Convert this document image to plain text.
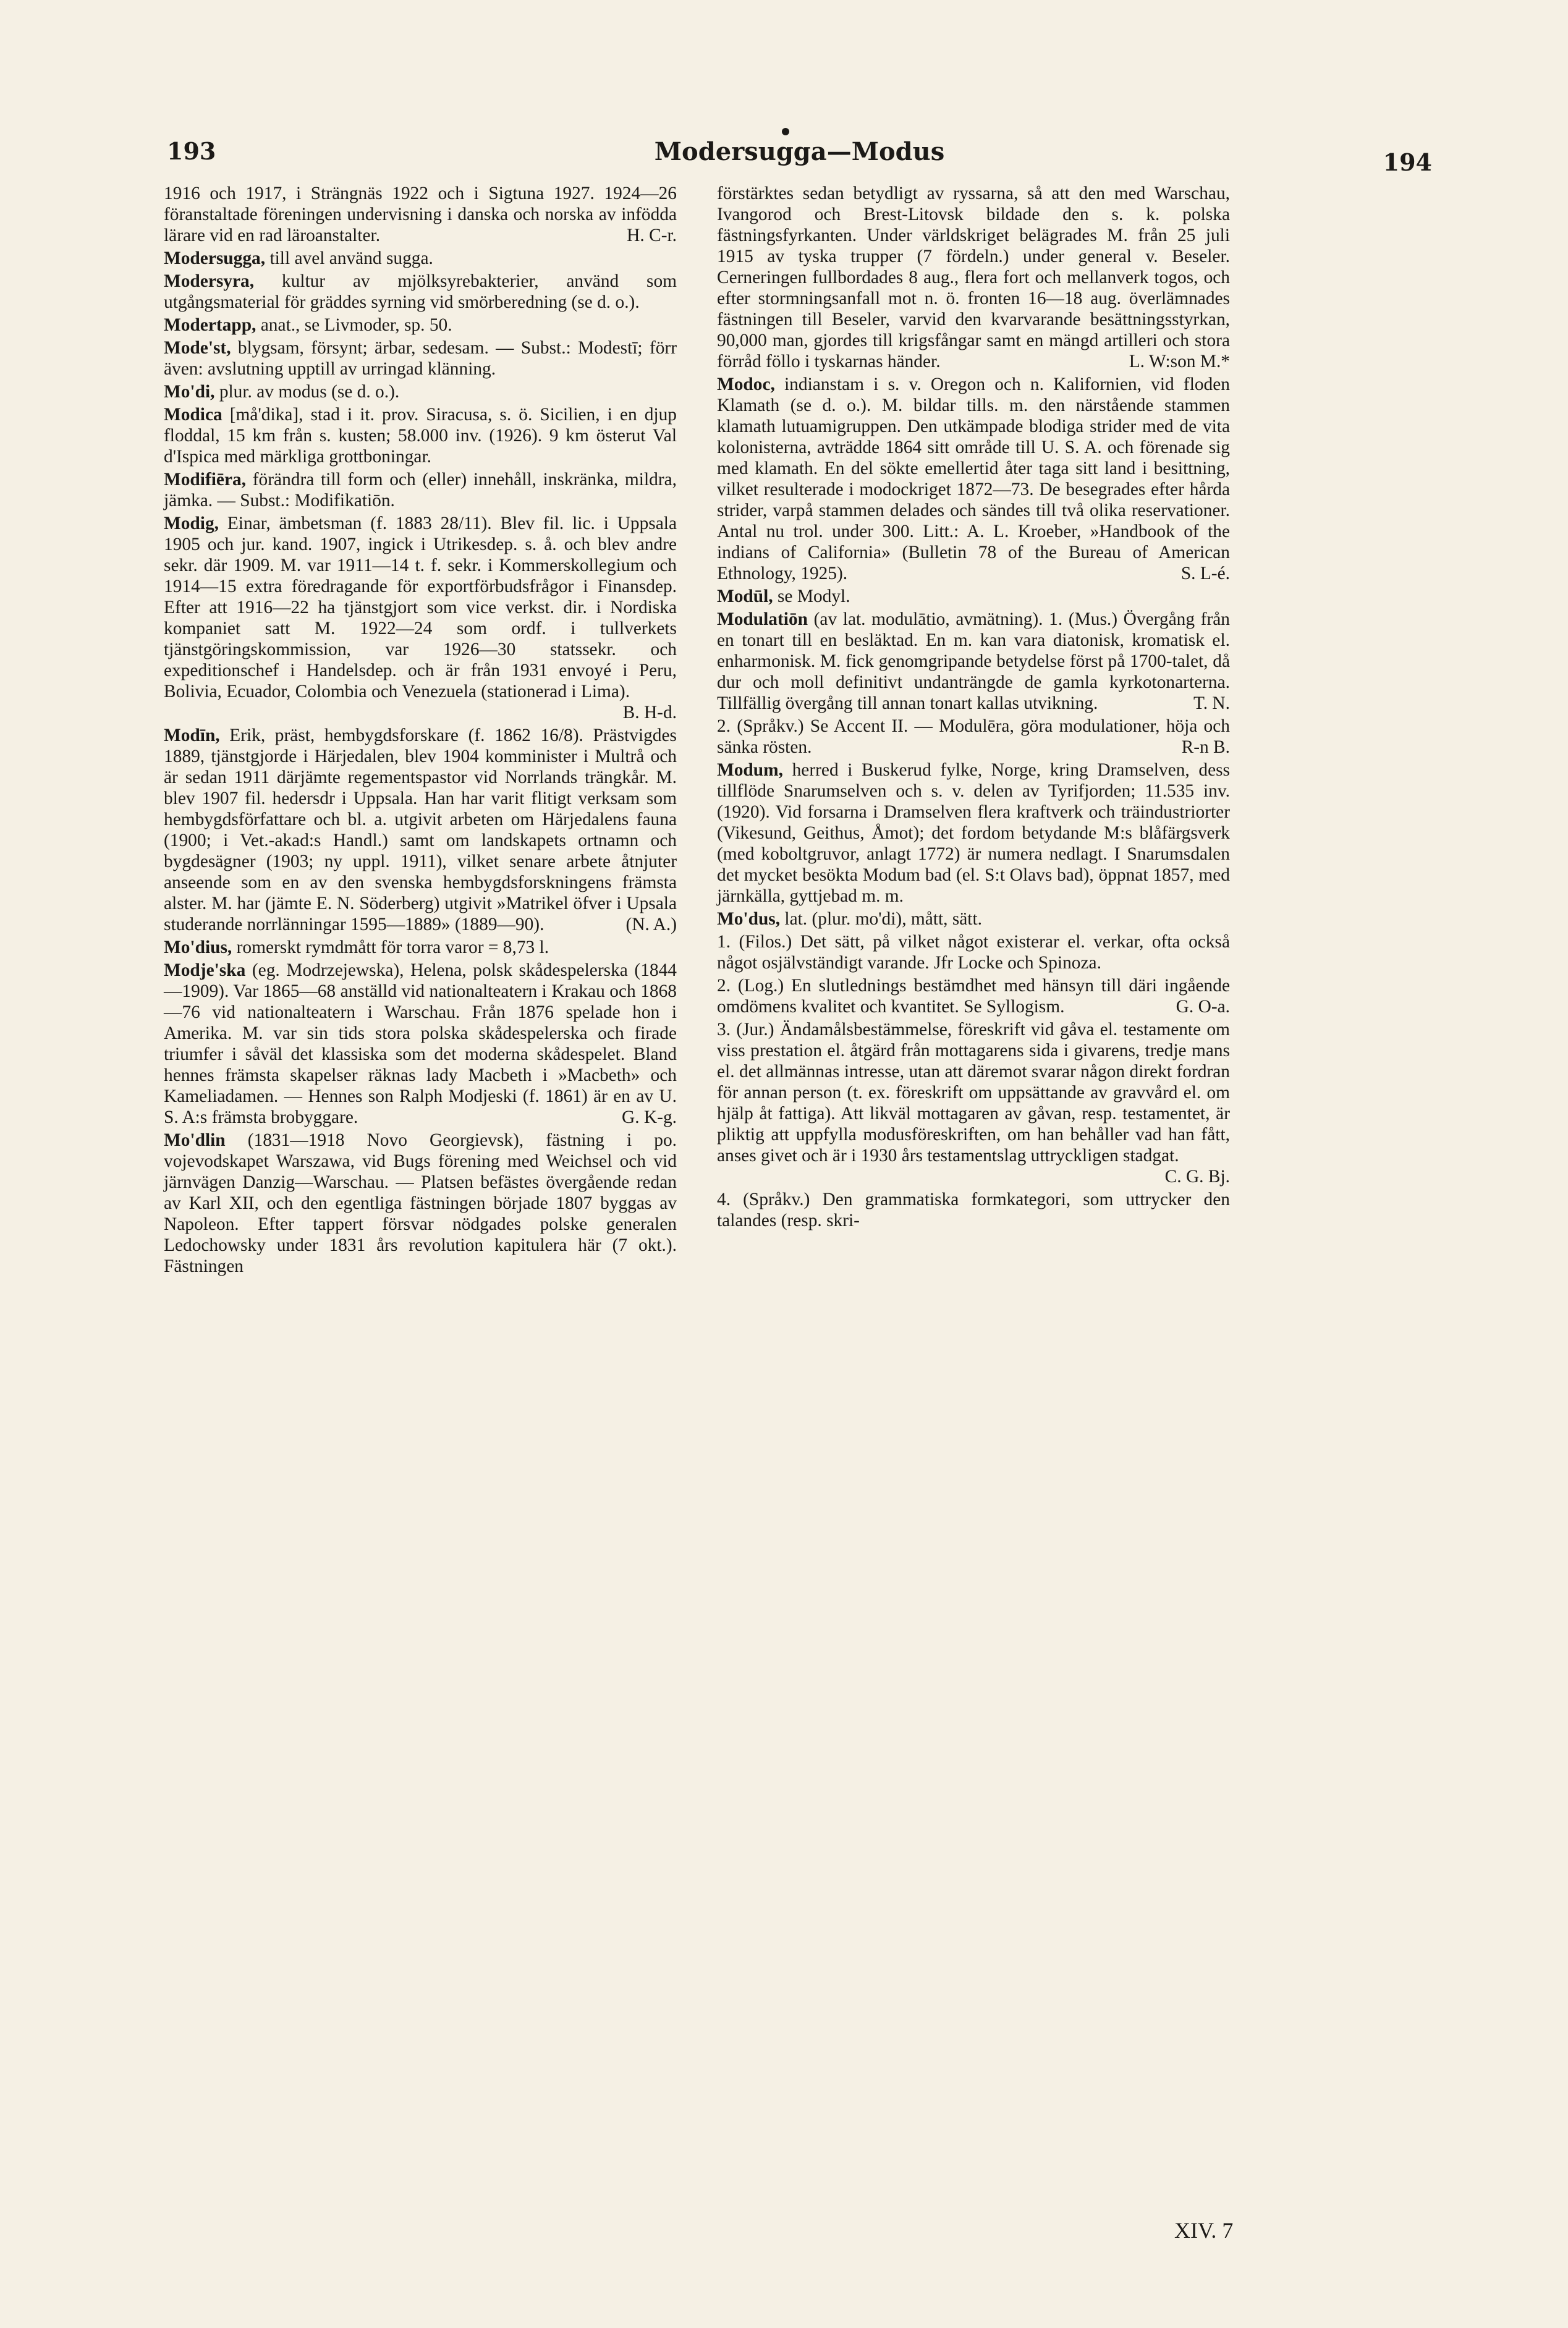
193	Modersugga—Modus	194

1916 och 1917, i Strängnäs 1922 och i Sigtuna 1927. 1924—26 föranstaltade föreningen undervisning i danska och norska av infödda lärare vid en rad läroanstalter.	H. C-r.

Modersugga, till avel använd sugga.

Modersyra, kultur av mjölksyrebakterier, använd som utgångsmaterial för gräddes syrning vid smörberedning (se d. o.).

Modertapp, anat., se Livmoder, sp. 50.

Mode'st, blygsam, försynt; ärbar, sedesam. — Subst.: Modestī; förr även: avslutning upptill av urringad klänning.

Mo'di, plur. av modus (se d. o.).

Modica [må'dika], stad i it. prov. Siracusa, s. ö. Sicilien, i en djup floddal, 15 km från s. kusten; 58.000 inv. (1926). 9 km österut Val d'Ispica med märkliga grottboningar.

Modifiēra, förändra till form och (eller) innehåll, inskränka, mildra, jämka. — Subst.: Modifikatiōn.

Modig, Einar, ämbetsman (f. 1883 28/11). Blev fil. lic. i Uppsala 1905 och jur. kand. 1907, ingick i Utrikesdep. s. å. och blev andre sekr. där 1909. M. var 1911—14 t. f. sekr. i Kommerskollegium och 1914—15 extra föredragande för exportförbudsfrågor i Finansdep. Efter att 1916—22 ha tjänstgjort som vice verkst. dir. i Nordiska kompaniet satt M. 1922—24 som ordf. i tullverkets tjänstgöringskommission, var 1926—30 statssekr. och expeditionschef i Handelsdep. och är från 1931 envoyé i Peru, Bolivia, Ecuador, Colombia och Venezuela (stationerad i Lima).
B. H-d.

Modīn, Erik, präst, hembygdsforskare (f. 1862 16/8). Prästvigdes 1889, tjänstgjorde i Härjedalen, blev 1904 komminister i Multrå och är sedan 1911 därjämte regementspastor vid Norrlands trängkår. M. blev 1907 fil. hedersdr i Uppsala. Han har varit flitigt verksam som hembygdsförfattare och bl. a. utgivit arbeten om Härjedalens fauna (1900; i Vet.-akad:s Handl.) samt om landskapets ortnamn och bygdesägner (1903; ny uppl. 1911), vilket senare arbete åtnjuter anseende som en av den svenska hembygdsforskningens främsta alster. M. har (jämte E. N. Söderberg) utgivit »Matrikel öfver i Upsala studerande norrlänningar 1595—1889» (1889—90).	(N. A.)

Mo'dius, romerskt rymdmått för torra varor = 8,73 l.

Modje'ska (eg. Modrzejewska), Helena, polsk skådespelerska (1844—1909). Var 1865—68 anställd vid nationalteatern i Krakau och 1868—76 vid nationalteatern i Warschau. Från 1876 spelade hon i Amerika. M. var sin tids stora polska skådespelerska och firade triumfer i såväl det klassiska som det moderna skådespelet. Bland hennes främsta skapelser räknas lady Macbeth i »Macbeth» och Kameliadamen. — Hennes son Ralph Modjeski (f. 1861) är en av U. S. A:s främsta brobyggare.	G. K-g.

Mo'dlin (1831—1918 Novo Georgievsk), fästning i po. vojevodskapet Warszawa, vid Bugs förening med Weichsel och vid järnvägen Danzig—Warschau. — Platsen befästes övergående redan av Karl XII, och den egentliga fästningen började 1807 byggas av Napoleon. Efter tappert försvar nödgades polske generalen Ledochowsky under 1831 års revolution kapitulera här (7 okt.). Fästningen

förstärktes sedan betydligt av ryssarna, så att den med Warschau, Ivangorod och Brest-Litovsk bildade den s. k. polska fästningsfyrkanten. Under världskriget belägrades M. från 25 juli 1915 av tyska trupper (7 fördeln.) under general v. Beseler. Cerneringen fullbordades 8 aug., flera fort och mellanverk togos, och efter stormningsanfall mot n. ö. fronten 16—18 aug. överlämnades fästningen till Beseler, varvid den kvarvarande besättningsstyrkan, 90,000 man, gjordes till krigsfångar samt en mängd artilleri och stora förråd föllo i tyskarnas händer.	L. W:son M.*

Modoc, indianstam i s. v. Oregon och n. Kalifornien, vid floden Klamath (se d. o.). M. bildar tills. m. den närstående stammen klamath lutuamigruppen. Den utkämpade blodiga strider med de vita kolonisterna, avträdde 1864 sitt område till U. S. A. och förenade sig med klamath. En del sökte emellertid åter taga sitt land i besittning, vilket resulterade i modockriget 1872—73. De besegrades efter hårda strider, varpå stammen delades och sändes till två olika reservationer. Antal nu trol. under 300. Litt.: A. L. Kroeber, »Handbook of the indians of California» (Bulletin 78 of the Bureau of American Ethnology, 1925).	S. L-é.

Modūl, se Modyl.

Modulatiōn (av lat. modulātio, avmätning). 1. (Mus.) Övergång från en tonart till en besläktad. En m. kan vara diatonisk, kromatisk el. enharmonisk. M. fick genomgripande betydelse först på 1700-talet, då dur och moll definitivt undanträngde de gamla kyrkotonarterna. Tillfällig övergång till annan tonart kallas utvikning.	T. N.

2. (Språkv.) Se Accent II. — Modulēra, göra modulationer, höja och sänka rösten.	R-n B.

Modum, herred i Buskerud fylke, Norge, kring Dramselven, dess tillflöde Snarumselven och s. v. delen av Tyrifjorden; 11.535 inv. (1920). Vid forsarna i Dramselven flera kraftverk och träindustriorter (Vikesund, Geithus, Åmot); det fordom betydande M:s blåfärgsverk (med koboltgruvor, anlagt 1772) är numera nedlagt. I Snarumsdalen det mycket besökta Modum bad (el. S:t Olavs bad), öppnat 1857, med järnkälla, gyttjebad m. m.

Mo'dus, lat. (plur. mo'di), mått, sätt.

1. (Filos.) Det sätt, på vilket något existerar el. verkar, ofta också något osjälvständigt varande. Jfr Locke och Spinoza.

2. (Log.) En slutlednings bestämdhet med hänsyn till däri ingående omdömens kvalitet och kvantitet. Se Syllogism.	G. O-a.

3. (Jur.) Ändamålsbestämmelse, föreskrift vid gåva el. testamente om viss prestation el. åtgärd från mottagarens sida i givarens, tredje mans el. det allmännas intresse, utan att däremot svarar någon direkt fordran för annan person (t. ex. föreskrift om uppsättande av gravvård el. om hjälp åt fattiga). Att likväl mottagaren av gåvan, resp. testamentet, är pliktig att uppfylla modusföreskriften, om han behåller vad han fått, anses givet och är i 1930 års testamentslag uttryckligen stadgat.
C. G. Bj.

4. (Språkv.) Den grammatiska formkategori, som uttrycker den talandes (resp. skri-

XIV. 7
